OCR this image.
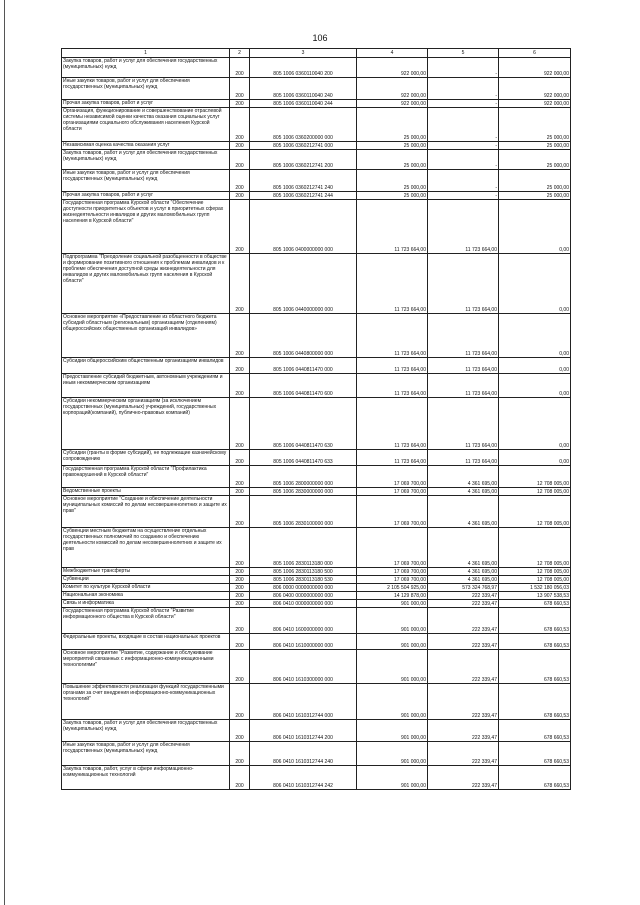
106
1	2	3	4	5	6
Закупка товаров, работ и услуг для обеспечения государственных (муниципальных) нужд	200	805 1006 0360110040 200	922 000,00	-	922 000,00
Иные закупки товаров, работ и услуг для обеспечения государственных (муниципальных) нужд	200	805 1006 0360110040 240	922 000,00	-	922 000,00
Прочая закупка товаров, работ и услуг	200	805 1006 0360110040 244	922 000,00	-	922 000,00
Организация, функционирование и совершенствование отраслевой системы независимой оценки качества оказания социальных услуг организациями социального обслуживания населения Курской области	200	805 1006 0360200000 000	25 000,00	-	25 000,00
Независимая оценка качества оказания услуг	200	805 1006 0360212741 000	25 000,00	-	25 000,00
Закупка товаров, работ и услуг для обеспечения государственных (муниципальных) нужд	200	805 1006 0360212741 200	25 000,00	-	25 000,00
Иные закупки товаров, работ и услуг для обеспечения государственных (муниципальных) нужд	200	805 1006 0360212741 240	25 000,00	-	25 000,00
Прочая закупка товаров, работ и услуг	200	805 1006 0360212741 244	25 000,00	-	25 000,00
Государственная программа Курской области "Обеспечение доступности приоритетных объектов и услуг в приоритетных сферах жизнедеятельности инвалидов и других маломобильных групп населения в Курской области"	200	805 1006 0400000000 000	11 723 664,00	11 723 664,00	0,00
Подпрограмма "Преодоление социальной разобщенности в обществе и формирование позитивного отношения к проблемам инвалидов и к проблеме обеспечения доступной среды жизнедеятельности для инвалидов и других маломобильных групп населения в Курской области"	200	805 1006 0440000000 000	11 723 664,00	11 723 664,00	0,00
Основное мероприятие «Предоставление из областного бюджета субсидий областным (региональным) организациям (отделениям) общероссийских общественных организаций инвалидов»	200	805 1006 0440800000 000	11 723 664,00	11 723 664,00	0,00
Субсидии общероссийским общественным организациям инвалидов	200	805 1006 0440811470 000	11 723 664,00	11 723 664,00	0,00
Предоставление субсидий бюджетным, автономным учреждениям и иным некоммерческим организациям	200	805 1006 0440811470 600	11 723 664,00	11 723 664,00	0,00
Субсидии некоммерческим организациям (за исключением государственных (муниципальных) учреждений, государственных корпораций(компаний), публично-правовых компаний)	200	805 1006 0440811470 630	11 723 664,00	11 723 664,00	0,00
Субсидии (гранты в форме субсидий), не подлежащие казначейскому сопровождению	200	805 1006 0440811470 633	11 723 664,00	11 723 664,00	0,00
Государственная программа Курской области "Профилактика правонарушений в Курской области"	200	805 1006 2800000000 000	17 069 700,00	4 361 695,00	12 708 005,00
Ведомственные проекты	200	805 1006 2830000000 000	17 069 700,00	4 361 695,00	12 708 005,00
Основное мероприятие "Создание и обеспечение деятельности муниципальных комиссий по делам несовершеннолетних и защите их прав"	200	805 1006 2830100000 000	17 069 700,00	4 361 695,00	12 708 005,00
Субвенции местным бюджетам на осуществление отдельных государственных полномочий по созданию и обеспечению деятельности комиссий по делам несовершеннолетних и защите их прав	200	805 1006 2830113180 000	17 069 700,00	4 361 695,00	12 708 005,00
Межбюджетные трансферты	200	805 1006 2830113180 500	17 069 700,00	4 361 695,00	12 708 005,00
Субвенции	200	805 1006 2830113180 530	17 069 700,00	4 361 695,00	12 708 005,00
Комитет по культуре Курской области	200	806 0000 0000000000 000	2 105 504 925,00	573 324 768,97	1 532 180 056,03
Национальная экономика	200	806 0400 0000000000 000	14 129 878,00	222 339,47	13 907 538,53
Связь и информатика	200	806 0410 0000000000 000	901 000,00	222 339,47	678 660,53
Государственная программа Курской области "Развитие информационного общества в Курской области"	200	806 0410 1600000000 000	901 000,00	222 339,47	678 660,53
Федеральные проекты, входящие в состав национальных проектов	200	806 0410 1610000000 000	901 000,00	222 339,47	678 660,53
Основное мероприятие "Развитие, содержание и обслуживание мероприятий связанных с информационно-коммуникационными технологиями"	200	806 0410 1610300000 000	901 000,00	222 339,47	678 660,53
Повышение эффективности реализации функций государственными органами за счет внедрения информационно-коммуникационных технологий"	200	806 0410 1610312744 000	901 000,00	222 339,47	678 660,53
Закупка товаров, работ и услуг для обеспечения государственных (муниципальных) нужд	200	806 0410 1610312744 200	901 000,00	222 339,47	678 660,53
Иные закупки товаров, работ и услуг для обеспечения государственных (муниципальных) нужд	200	806 0410 1610312744 240	901 000,00	222 339,47	678 660,53
Закупка товаров, работ, услуг в сфере информационно-коммуникационных технологий	200	806 0410 1610312744 242	901 000,00	222 339,47	678 660,53
